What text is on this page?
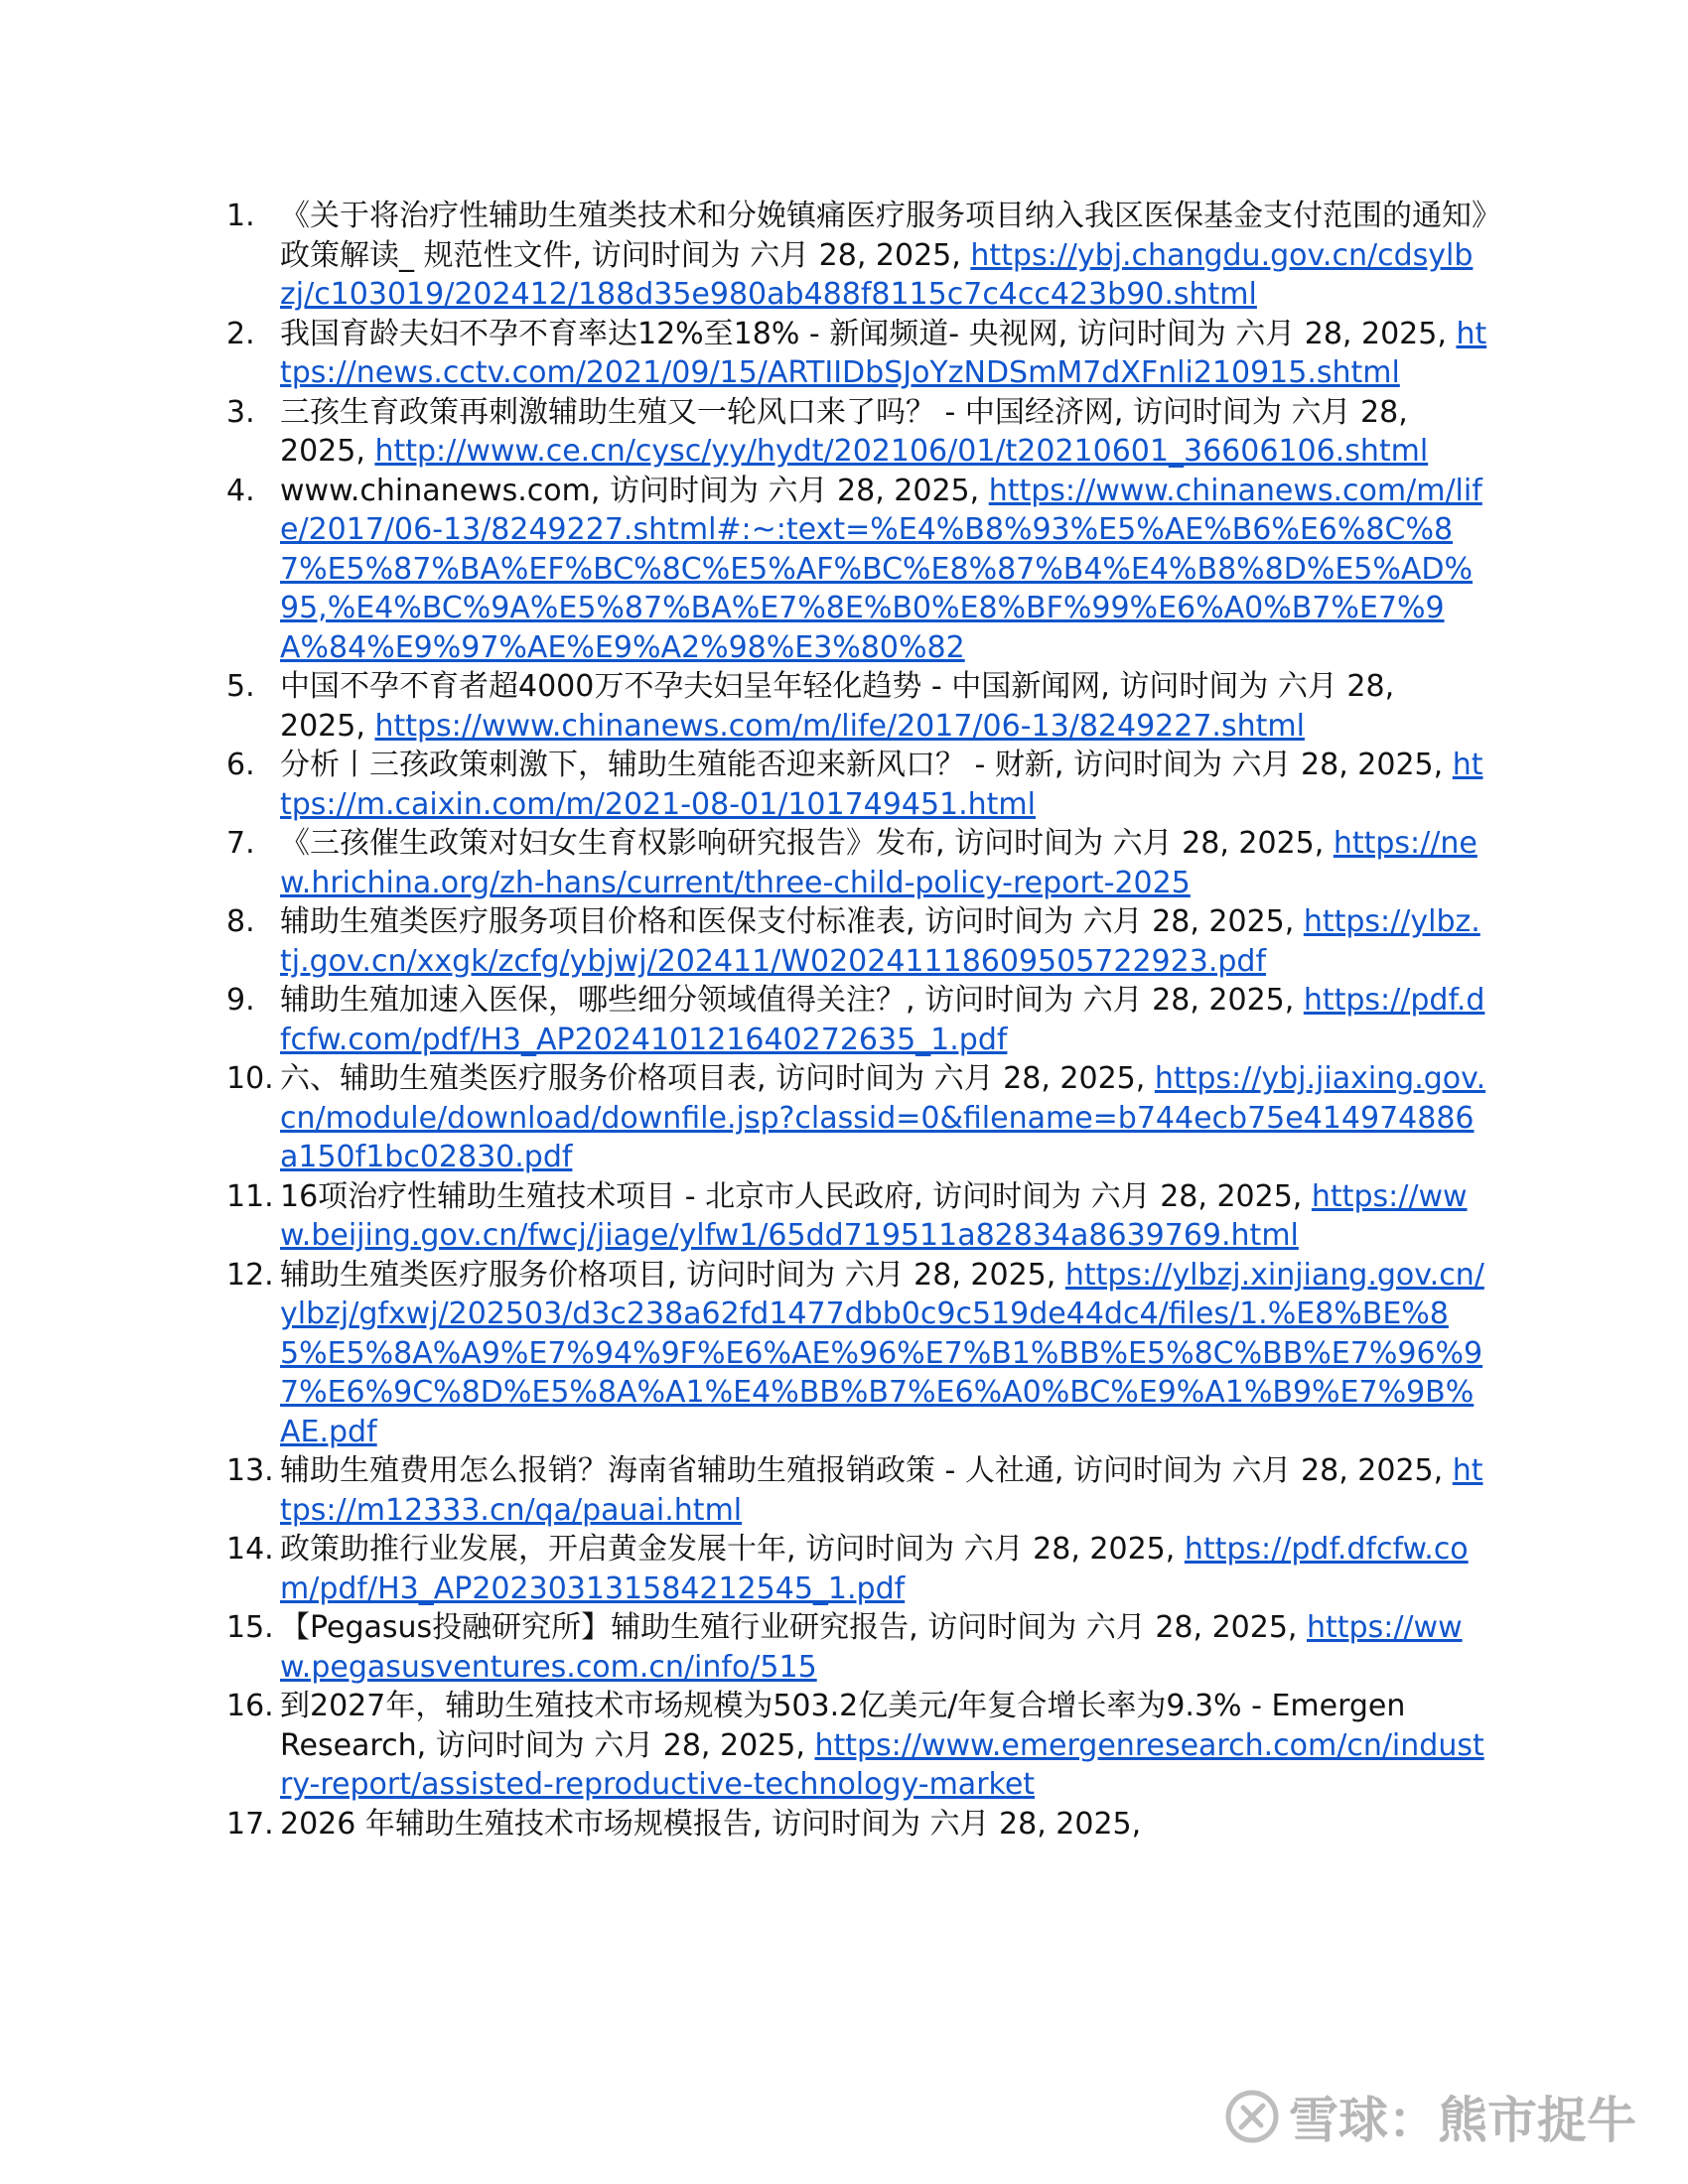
1. 《关于将治疗性辅助生殖类技术和分娩镇痛医疗服务项目纳入我区医保基金支付范围的通知》政策解读_ 规范性文件, 访问时间为 六月 28, 2025, https://ybj.changdu.gov.cn/cdsylbzj/c103019/202412/188d35e980ab488f8115c7c4cc423b90.shtml
2. 我国育龄夫妇不孕不育率达12%至18% - 新闻频道- 央视网, 访问时间为 六月 28, 2025, https://news.cctv.com/2021/09/15/ARTIIDbSJoYzNDSmM7dXFnli210915.shtml
3. 三孩生育政策再刺激辅助生殖又一轮风口来了吗？ - 中国经济网, 访问时间为 六月 28, 2025, http://www.ce.cn/cysc/yy/hydt/202106/01/t20210601_36606106.shtml
4. www.chinanews.com, 访问时间为 六月 28, 2025, https://www.chinanews.com/m/life/2017/06-13/8249227.shtml#:~:text=%E4%B8%93%E5%AE%B6%E6%8C%87%E5%87%BA%EF%BC%8C%E5%AF%BC%E8%87%B4%E4%B8%8D%E5%AD%95,%E4%BC%9A%E5%87%BA%E7%8E%B0%E8%BF%99%E6%A0%B7%E7%9A%84%E9%97%AE%E9%A2%98%E3%80%82
5. 中国不孕不育者超4000万不孕夫妇呈年轻化趋势 - 中国新闻网, 访问时间为 六月 28, 2025, https://www.chinanews.com/m/life/2017/06-13/8249227.shtml
6. 分析丨三孩政策刺激下，辅助生殖能否迎来新风口？ - 财新, 访问时间为 六月 28, 2025, https://m.caixin.com/m/2021-08-01/101749451.html
7. 《三孩催生政策对妇女生育权影响研究报告》发布, 访问时间为 六月 28, 2025, https://new.hrichina.org/zh-hans/current/three-child-policy-report-2025
8. 辅助生殖类医疗服务项目价格和医保支付标准表, 访问时间为 六月 28, 2025, https://ylbz.tj.gov.cn/xxgk/zcfg/ybjwj/202411/W020241118609505722923.pdf
9. 辅助生殖加速入医保，哪些细分领域值得关注？, 访问时间为 六月 28, 2025, https://pdf.dfcfw.com/pdf/H3_AP202410121640272635_1.pdf
10. 六、辅助生殖类医疗服务价格项目表, 访问时间为 六月 28, 2025, https://ybj.jiaxing.gov.cn/module/download/downfile.jsp?classid=0&filename=b744ecb75e414974886a150f1bc02830.pdf
11. 16项治疗性辅助生殖技术项目 - 北京市人民政府, 访问时间为 六月 28, 2025, https://www.beijing.gov.cn/fwcj/jiage/ylfw1/65dd719511a82834a8639769.html
12. 辅助生殖类医疗服务价格项目, 访问时间为 六月 28, 2025, https://ylbzj.xinjiang.gov.cn/ylbzj/gfxwj/202503/d3c238a62fd1477dbb0c9c519de44dc4/files/1.%E8%BE%85%E5%8A%A9%E7%94%9F%E6%AE%96%E7%B1%BB%E5%8C%BB%E7%96%97%E6%9C%8D%E5%8A%A1%E4%BB%B7%E6%A0%BC%E9%A1%B9%E7%9B%AE.pdf
13. 辅助生殖费用怎么报销？海南省辅助生殖报销政策 - 人社通, 访问时间为 六月 28, 2025, https://m12333.cn/qa/pauai.html
14. 政策助推行业发展，开启黄金发展十年, 访问时间为 六月 28, 2025, https://pdf.dfcfw.com/pdf/H3_AP202303131584212545_1.pdf
15. 【Pegasus投融研究所】辅助生殖行业研究报告, 访问时间为 六月 28, 2025, https://www.pegasusventures.com.cn/info/515
16. 到2027年，辅助生殖技术市场规模为503.2亿美元/年复合增长率为9.3% - Emergen Research, 访问时间为 六月 28, 2025, https://www.emergenresearch.com/cn/industry-report/assisted-reproductive-technology-market
17. 2026 年辅助生殖技术市场规模报告, 访问时间为 六月 28, 2025,
雪球：熊市捉牛
